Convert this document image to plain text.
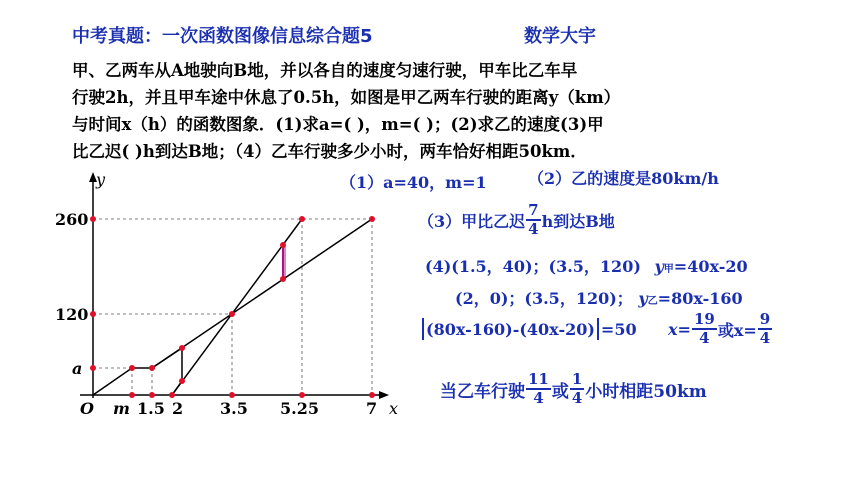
中考真题：一次函数图像信息综合题5	数学大宇
甲、乙两车从A地驶向B地，并以各自的速度匀速行驶，甲车比乙车早
行驶2h，并且甲车途中休息了0.5h，如图是甲乙两车行驶的距离y（km）
与时间x（h）的函数图象．(1)求a=( )，m=( )；(2)求乙的速度(3)甲
比乙迟( )h到达B地；（4）乙车行驶多少小时，两车恰好相距50km．
y
x
O
260
120
a
m 1.5 2 3.5 5.25	7
（1）a=40，m=1	（2）乙的速度是80km/h
（3）甲比乙迟 $\frac{7}{4}$ h到达B地
(4)(1.5，40)；(3.5，120) y甲=40x-20
(2，0)；(3.5，120)； y乙=80x-160
(80x-160)-(40x-20) =50 $x= \frac{19}{4}$ 或$x= \frac{9}{4}$
当乙车行驶 $\frac{11}{4}$ 或 $\frac{1}{4}$ 小时相距50km
